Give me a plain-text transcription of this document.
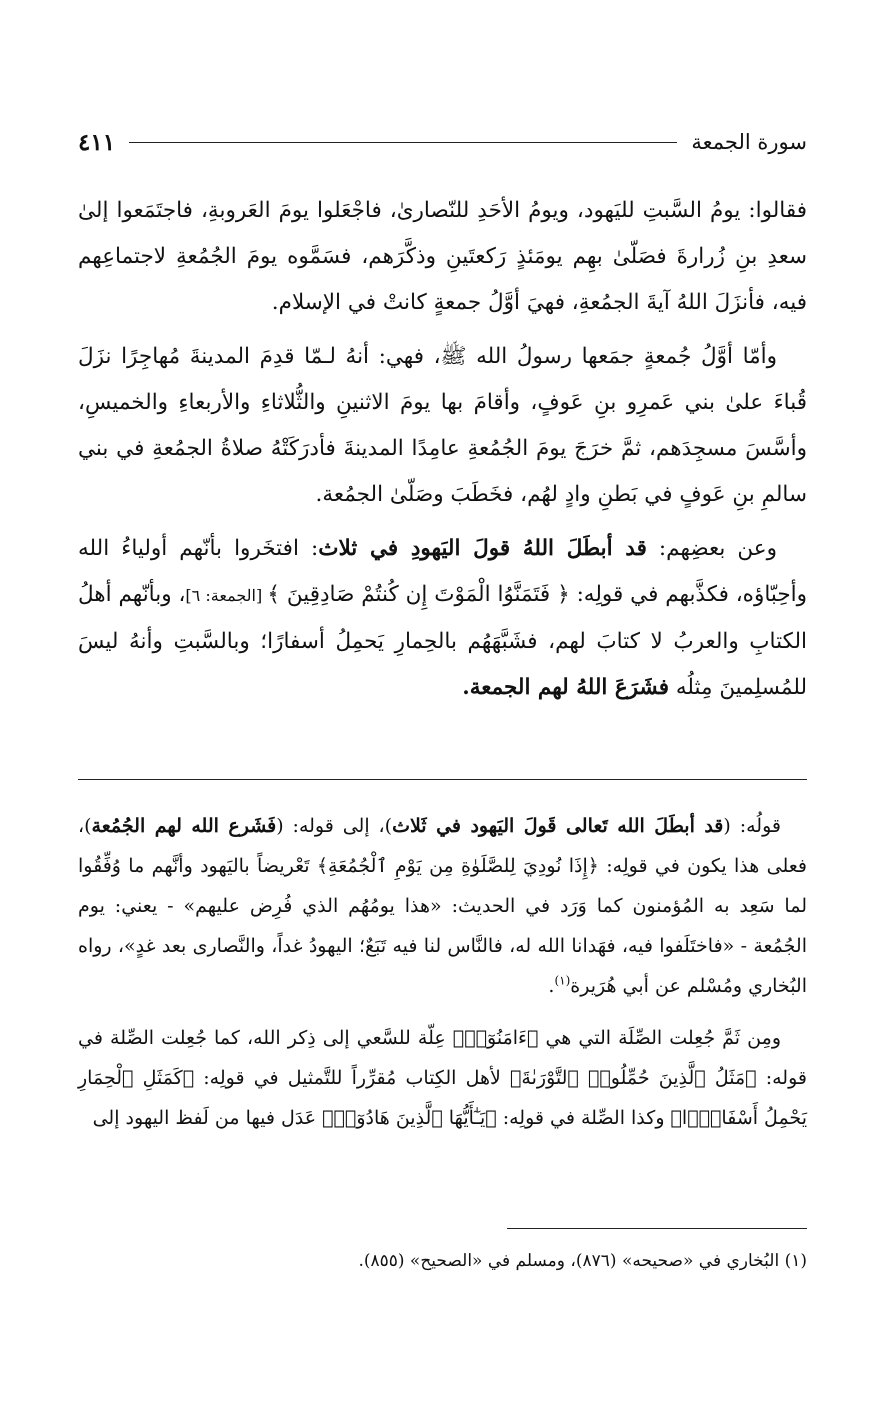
سورة الجمعة
٤١١

فقالوا: يومُ السَّبتِ لليَهود، ويومُ الأحَدِ للنّصارىٰ، فاجْعَلوا يومَ العَروبةِ، فاجتَمَعوا إلىٰ سعدِ بنِ زُرارةَ فصَلّىٰ بهِم يومَئذٍ رَكعتَينِ وذكَّرَهم، فسَمَّوه يومَ الجُمُعةِ لاجتماعِهم فيه، فأنزَلَ اللهُ آيةَ الجمُعةِ، فهيَ أوَّلُ جمعةٍ كانتْ في الإسلام.

وأمّا أوَّلُ جُمعةٍ جمَعها رسولُ الله ﷺ، فهي: أنهُ لـمّا قدِمَ المدينةَ مُهاجِرًا نزَلَ قُباءَ علىٰ بني عَمرِو بنِ عَوفٍ، وأقامَ بها يومَ الاثنينِ والثُّلاثاءِ والأربعاءِ والخميسِ، وأسَّسَ مسجِدَهم، ثمَّ خرَجَ يومَ الجُمُعةِ عامِدًا المدينةَ فأدرَكَتْهُ صلاةُ الجمُعةِ في بني سالمِ بنِ عَوفٍ في بَطنِ وادٍ لهُم، فخَطَبَ وصَلّىٰ الجمُعة.

وعن بعضِهم: قد أبطَلَ اللهُ قولَ اليَهودِ في ثلاث: افتخَروا بأنّهم أولياءُ الله وأحِبّاؤه، فكذَّبهم في قولِه: ﴿ فَتَمَنَّوُا الْمَوْتَ إِن كُنتُمْ صَادِقِينَ ﴾ [الجمعة: ٦]، وبأنّهم أهلُ الكتابِ والعربُ لا كتابَ لهم، فشَبَّهَهُم بالحِمارِ يَحمِلُ أسفارًا؛ وبالسَّبتِ وأنهُ ليسَ للمُسلِمينَ مِثلُه فشَرَعَ اللهُ لهم الجمعة.

قولُه: (قد أبطَلَ الله تَعالى قَولَ اليَهود في ثَلاث)، إلى قوله: (فَشَرع الله لهم الجُمُعة)، فعلى هذا يكون في قولِه: ﴿إِذَا نُودِيَ لِلصَّلَوٰةِ مِن يَوْمِ ٱلْجُمُعَةِ﴾ تَعْريضاً باليَهود وأنَّهم ما وُفِّقُوا لما سَعِد به المُؤمنون كما وَرَد في الحديث: «هذا يومُهُم الذي فُرِض عليهم» - يعني: يوم الجُمُعة - «فاختَلَفوا فيه، فهَدانا الله له، فالنَّاس لنا فيه تَبَعٌ؛ اليهودُ غداً، والنَّصارى بعد غدٍ»، رواه البُخاري ومُسْلم عن أبي هُرَيرة$^{(١)}$.

ومِن ثَمَّ جُعِلت الصِّلَة التي هي ﴿ءَامَنُوٓا۟﴾ عِلّة للسَّعي إلى ذِكر الله، كما جُعِلت الصِّلة في قوله: ﴿مَثَلُ ٱلَّذِينَ حُمِّلُوا۟ ٱلتَّوْرَىٰةَ﴾ لأهل الكِتاب مُقرِّراً للتَّمثيل في قولِه: ﴿كَمَثَلِ ٱلْحِمَارِ يَحْمِلُ أَسْفَارًۢا﴾ وكذا الصِّلة في قولِه: ﴿يَـٰٓأَيُّهَا ٱلَّذِينَ هَادُوٓا۟﴾ عَدَل فيها من لَفظ اليهود إلى

(١) البُخاري في «صحيحه» (٨٧٦)، ومسلم في «الصحيح» (٨٥٥).
